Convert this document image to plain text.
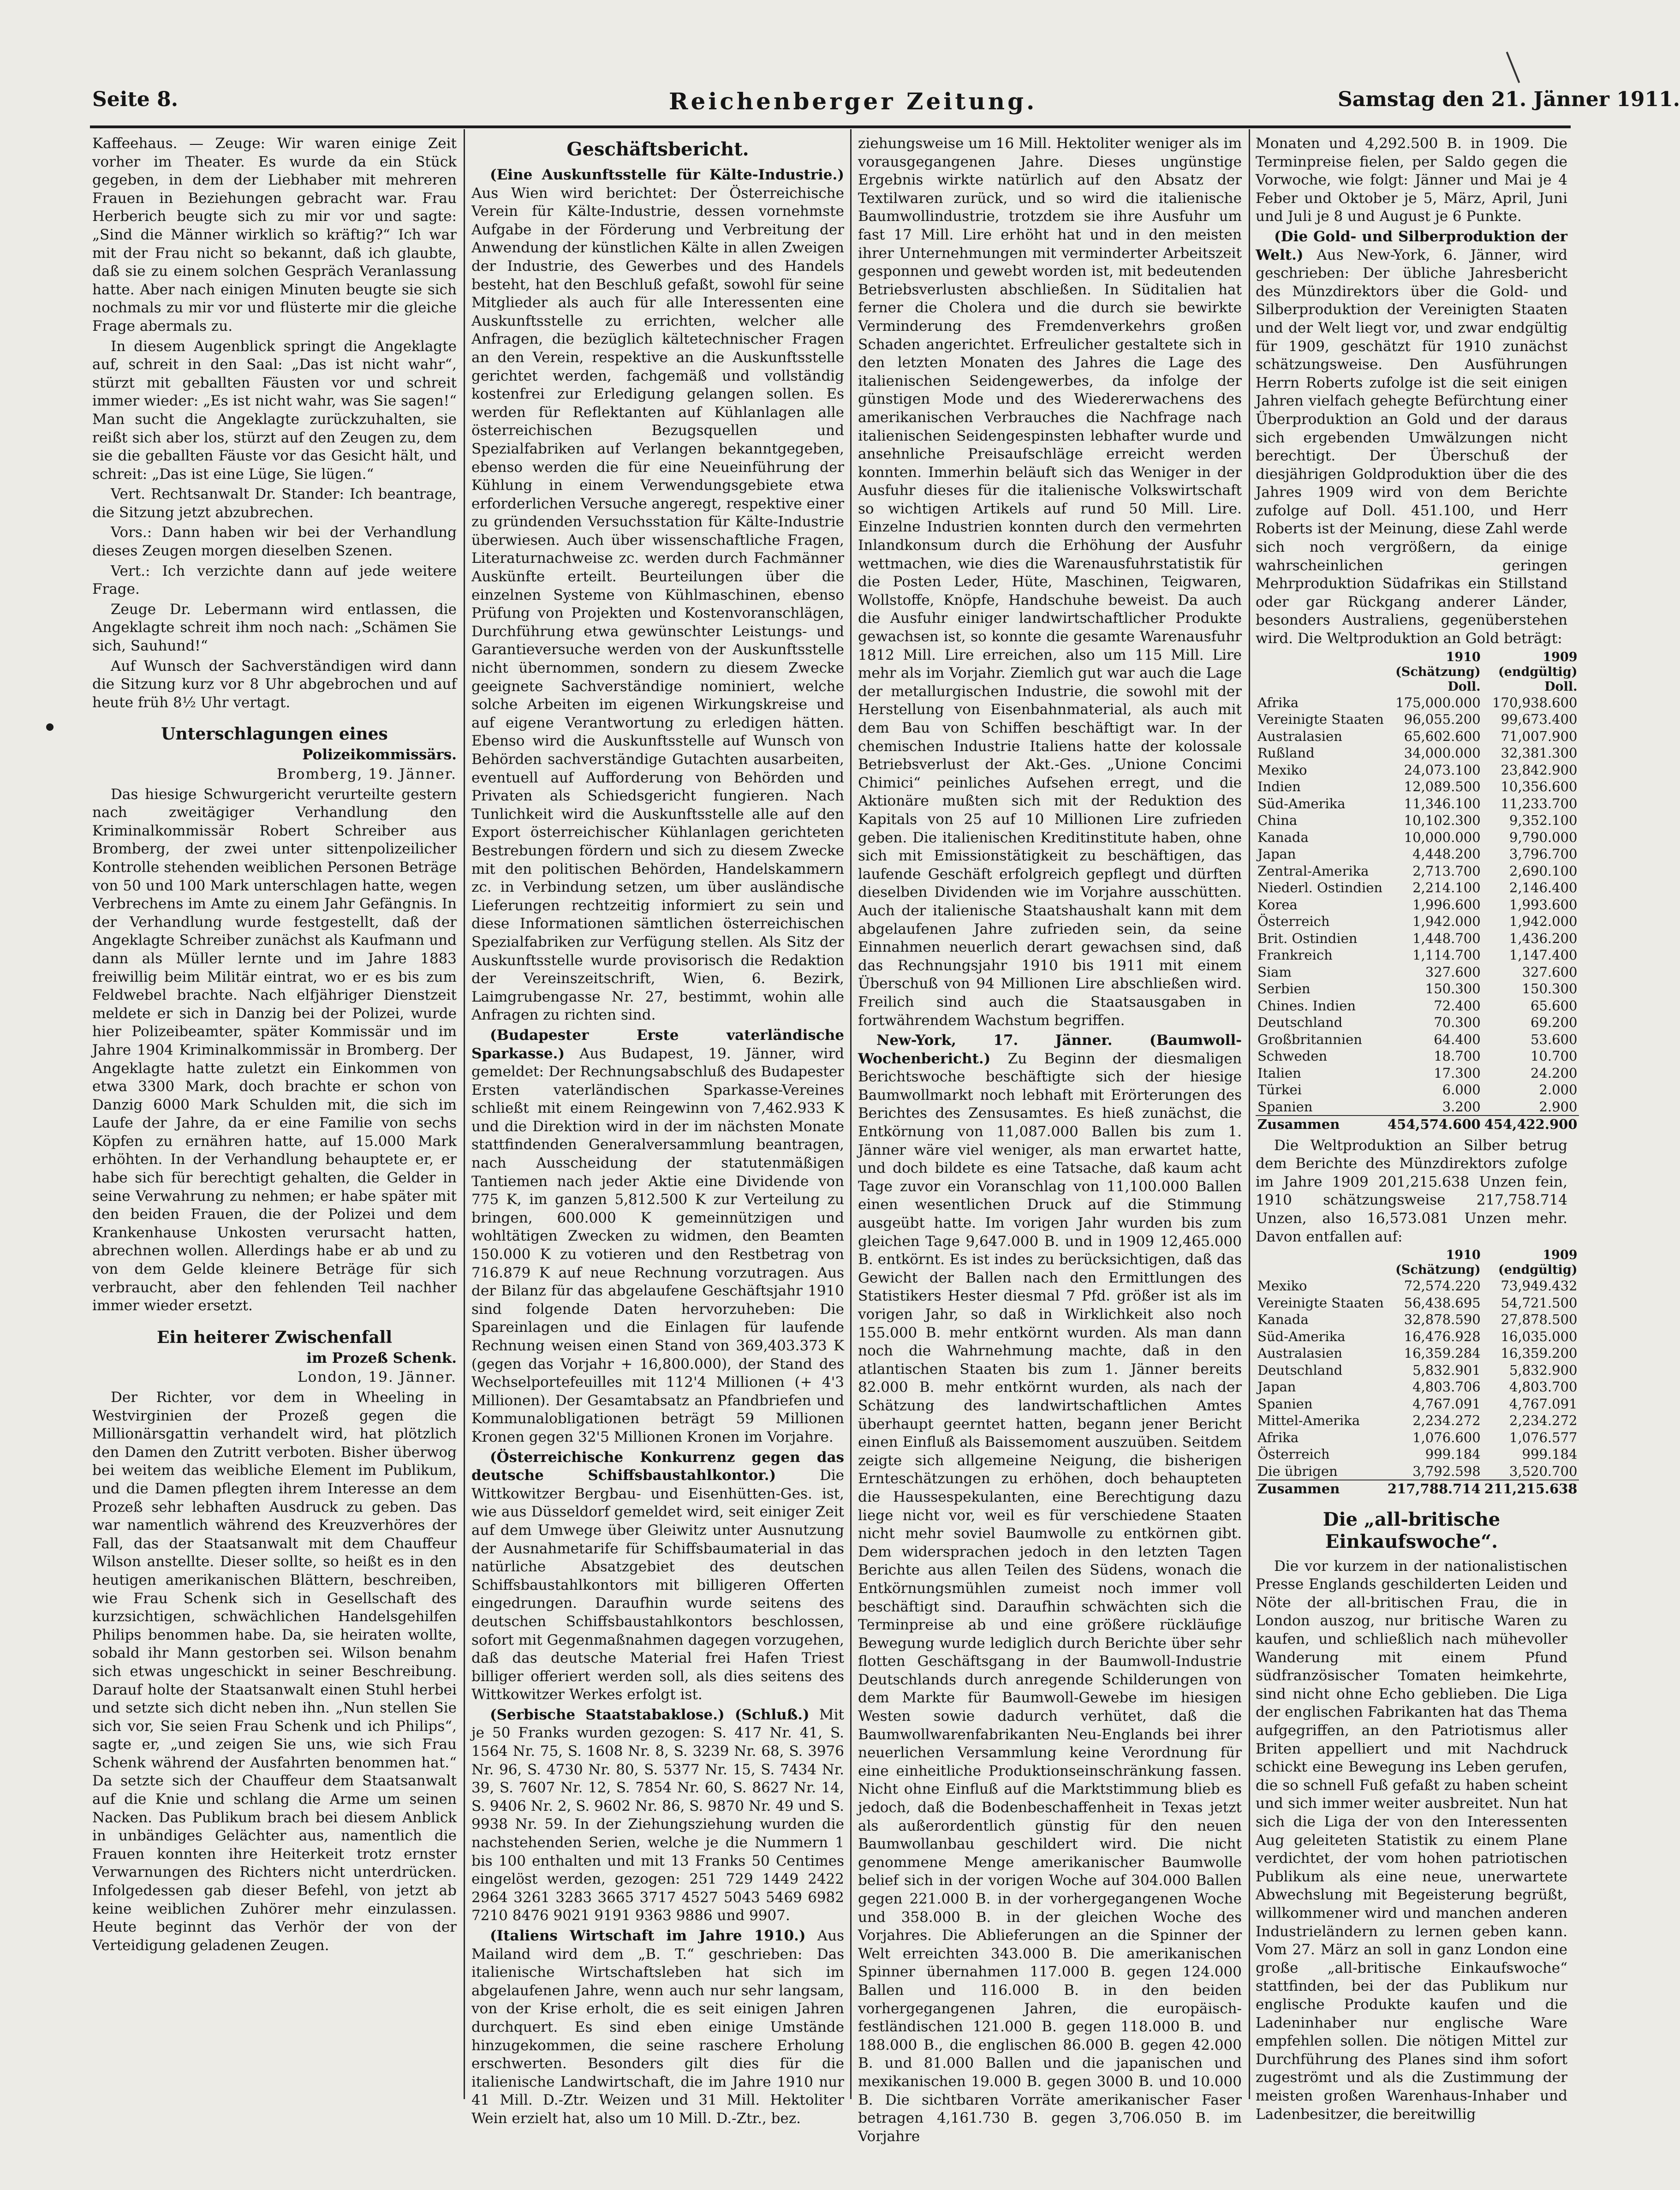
Seite 8.	Reichenberger Zeitung.	Samstag den 21. Jänner 1911.

Kaffeehaus. — Zeuge: Wir waren einige Zeit vorher im Theater. Es wurde da ein Stück gegeben, in dem der Liebhaber mit mehreren Frauen in Beziehungen gebracht war. Frau Herberich beugte sich zu mir vor und sagte: „Sind die Männer wirklich so kräftig?“ Ich war mit der Frau nicht so bekannt, daß ich glaubte, daß sie zu einem solchen Gespräch Veranlassung hatte. Aber nach einigen Minuten beugte sie sich nochmals zu mir vor und flüsterte mir die gleiche Frage abermals zu.

In diesem Augenblick springt die Angeklagte auf, schreit in den Saal: „Das ist nicht wahr“, stürzt mit geballten Fäusten vor und schreit immer wieder: „Es ist nicht wahr, was Sie sagen!“ Man sucht die Angeklagte zurückzuhalten, sie reißt sich aber los, stürzt auf den Zeugen zu, dem sie die geballten Fäuste vor das Gesicht hält, und schreit: „Das ist eine Lüge, Sie lügen.“

Vert. Rechtsanwalt Dr. Stander: Ich beantrage, die Sitzung jetzt abzubrechen.

Vors.: Dann haben wir bei der Verhandlung dieses Zeugen morgen dieselben Szenen.

Vert.: Ich verzichte dann auf jede weitere Frage.

Zeuge Dr. Lebermann wird entlassen, die Angeklagte schreit ihm noch nach: „Schämen Sie sich, Sauhund!“

Auf Wunsch der Sachverständigen wird dann die Sitzung kurz vor 8 Uhr abgebrochen und auf heute früh 8½ Uhr vertagt.

Unterschlagungen eines
Polizeikommissärs.
Bromberg, 19. Jänner.

Das hiesige Schwurgericht verurteilte gestern nach zweitägiger Verhandlung den Kriminalkommissär Robert Schreiber aus Bromberg, der zwei unter sittenpolizeilicher Kontrolle stehenden weiblichen Personen Beträge von 50 und 100 Mark unterschlagen hatte, wegen Verbrechens im Amte zu einem Jahr Gefängnis. In der Verhandlung wurde festgestellt, daß der Angeklagte Schreiber zunächst als Kaufmann und dann als Müller lernte und im Jahre 1883 freiwillig beim Militär eintrat, wo er es bis zum Feldwebel brachte. Nach elfjähriger Dienstzeit meldete er sich in Danzig bei der Polizei, wurde hier Polizeibeamter, später Kommissär und im Jahre 1904 Kriminalkommissär in Bromberg. Der Angeklagte hatte zuletzt ein Einkommen von etwa 3300 Mark, doch brachte er schon von Danzig 6000 Mark Schulden mit, die sich im Laufe der Jahre, da er eine Familie von sechs Köpfen zu ernähren hatte, auf 15.000 Mark erhöhten. In der Verhandlung behauptete er, er habe sich für berechtigt gehalten, die Gelder in seine Verwahrung zu nehmen; er habe später mit den beiden Frauen, die der Polizei und dem Krankenhause Unkosten verursacht hatten, abrechnen wollen. Allerdings habe er ab und zu von dem Gelde kleinere Beträge für sich verbraucht, aber den fehlenden Teil nachher immer wieder ersetzt.

Ein heiterer Zwischenfall
im Prozeß Schenk.
London, 19. Jänner.

Der Richter, vor dem in Wheeling in Westvirginien der Prozeß gegen die Millionärsgattin verhandelt wird, hat plötzlich den Damen den Zutritt verboten. Bisher überwog bei weitem das weibliche Element im Publikum, und die Damen pflegten ihrem Interesse an dem Prozeß sehr lebhaften Ausdruck zu geben. Das war namentlich während des Kreuzverhöres der Fall, das der Staatsanwalt mit dem Chauffeur Wilson anstellte. Dieser sollte, so heißt es in den heutigen amerikanischen Blättern, beschreiben, wie Frau Schenk sich in Gesellschaft des kurzsichtigen, schwächlichen Handelsgehilfen Philips benommen habe. Da, sie heiraten wollte, sobald ihr Mann gestorben sei. Wilson benahm sich etwas ungeschickt in seiner Beschreibung. Darauf holte der Staatsanwalt einen Stuhl herbei und setzte sich dicht neben ihn. „Nun stellen Sie sich vor, Sie seien Frau Schenk und ich Philips“, sagte er, „und zeigen Sie uns, wie sich Frau Schenk während der Ausfahrten benommen hat.“ Da setzte sich der Chauffeur dem Staatsanwalt auf die Knie und schlang die Arme um seinen Nacken. Das Publikum brach bei diesem Anblick in unbändiges Gelächter aus, namentlich die Frauen konnten ihre Heiterkeit trotz ernster Verwarnungen des Richters nicht unterdrücken. Infolgedessen gab dieser Befehl, von jetzt ab keine weiblichen Zuhörer mehr einzulassen. Heute beginnt das Verhör der von der Verteidigung geladenen Zeugen.

Geschäftsbericht.

(Eine Auskunftsstelle für Kälte-Industrie.) Aus Wien wird berichtet: Der Österreichische Verein für Kälte-Industrie, dessen vornehmste Aufgabe in der Förderung und Verbreitung der Anwendung der künstlichen Kälte in allen Zweigen der Industrie, des Gewerbes und des Handels besteht, hat den Beschluß gefaßt, sowohl für seine Mitglieder als auch für alle Interessenten eine Auskunftsstelle zu errichten, welcher alle Anfragen, die bezüglich kältetechnischer Fragen an den Verein, respektive an die Auskunftsstelle gerichtet werden, fachgemäß und vollständig kostenfrei zur Erledigung gelangen sollen. Es werden für Reflektanten auf Kühlanlagen alle österreichischen Bezugsquellen und Spezialfabriken auf Verlangen bekanntgegeben, ebenso werden die für eine Neueinführung der Kühlung in einem Verwendungsgebiete etwa erforderlichen Versuche angeregt, respektive einer zu gründenden Versuchsstation für Kälte-Industrie überwiesen. Auch über wissenschaftliche Fragen, Literaturnachweise zc. werden durch Fachmänner Auskünfte erteilt. Beurteilungen über die einzelnen Systeme von Kühlmaschinen, ebenso Prüfung von Projekten und Kostenvoranschlägen, Durchführung etwa gewünschter Leistungs- und Garantieversuche werden von der Auskunftsstelle nicht übernommen, sondern zu diesem Zwecke geeignete Sachverständige nominiert, welche solche Arbeiten im eigenen Wirkungskreise und auf eigene Verantwortung zu erledigen hätten. Ebenso wird die Auskunftsstelle auf Wunsch von Behörden sachverständige Gutachten ausarbeiten, eventuell auf Aufforderung von Behörden und Privaten als Schiedsgericht fungieren. Nach Tunlichkeit wird die Auskunftsstelle alle auf den Export österreichischer Kühlanlagen gerichteten Bestrebungen fördern und sich zu diesem Zwecke mit den politischen Behörden, Handelskammern zc. in Verbindung setzen, um über ausländische Lieferungen rechtzeitig informiert zu sein und diese Informationen sämtlichen österreichischen Spezialfabriken zur Verfügung stellen. Als Sitz der Auskunftsstelle wurde provisorisch die Redaktion der Vereinszeitschrift, Wien, 6. Bezirk, Laimgrubengasse Nr. 27, bestimmt, wohin alle Anfragen zu richten sind.

(Budapester Erste vaterländische Sparkasse.) Aus Budapest, 19. Jänner, wird gemeldet: Der Rechnungsabschluß des Budapester Ersten vaterländischen Sparkasse-Vereines schließt mit einem Reingewinn von 7,462.933 K und die Direktion wird in der im nächsten Monate stattfindenden Generalversammlung beantragen, nach Ausscheidung der statutenmäßigen Tantiemen nach jeder Aktie eine Dividende von 775 K, im ganzen 5,812.500 K zur Verteilung zu bringen, 600.000 K gemeinnützigen und wohltätigen Zwecken zu widmen, den Beamten 150.000 K zu votieren und den Restbetrag von 716.879 K auf neue Rechnung vorzutragen. Aus der Bilanz für das abgelaufene Geschäftsjahr 1910 sind folgende Daten hervorzuheben: Die Spareinlagen und die Einlagen für laufende Rechnung weisen einen Stand von 369,403.373 K (gegen das Vorjahr + 16,800.000), der Stand des Wechselportefeuilles mit 112'4 Millionen (+ 4'3 Millionen). Der Gesamtabsatz an Pfandbriefen und Kommunalobligationen beträgt 59 Millionen Kronen gegen 32'5 Millionen Kronen im Vorjahre.

(Österreichische Konkurrenz gegen das deutsche Schiffsbaustahlkontor.)	Die Wittkowitzer Bergbau- und Eisenhütten-Ges. ist, wie aus Düsseldorf gemeldet wird, seit einiger Zeit auf dem Umwege über Gleiwitz unter Ausnutzung der Ausnahmetarife für Schiffsbaumaterial in das natürliche Absatzgebiet des deutschen Schiffsbaustahlkontors mit billigeren Offerten eingedrungen. Daraufhin wurde seitens des deutschen Schiffsbaustahlkontors beschlossen, sofort mit Gegenmaßnahmen dagegen vorzugehen, daß das deutsche Material frei Hafen Triest billiger offeriert werden soll, als dies seitens des Wittkowitzer Werkes erfolgt ist.

(Serbische Staatstabaklose.) (Schluß.) Mit je 50 Franks wurden gezogen: S. 417 Nr. 41, S. 1564 Nr. 75, S. 1608 Nr. 8, S. 3239 Nr. 68, S. 3976 Nr. 96, S. 4730 Nr. 80, S. 5377 Nr. 15, S. 7434 Nr. 39, S. 7607 Nr. 12, S. 7854 Nr. 60, S. 8627 Nr. 14, S. 9406 Nr. 2, S. 9602 Nr. 86, S. 9870 Nr. 49 und S. 9938 Nr. 59. In der Ziehungsziehung wurden die nachstehenden Serien, welche je die Nummern 1 bis 100 enthalten und mit 13 Franks 50 Centimes eingelöst werden, gezogen: 251 729 1449 2422 2964 3261 3283 3665 3717 4527 5043 5469 6982 7210 8476 9021 9191 9363 9886 und 9907.

(Italiens Wirtschaft im Jahre 1910.) Aus Mailand wird dem „B. T.“ geschrieben: Das italienische Wirtschaftsleben hat sich im abgelaufenen Jahre, wenn auch nur sehr langsam, von der Krise erholt, die es seit einigen Jahren durchquert. Es sind eben einige Umstände hinzugekommen, die seine raschere Erholung erschwerten. Besonders gilt dies für die italienische Landwirtschaft, die im Jahre 1910 nur 41 Mill. D.-Ztr. Weizen und 31 Mill. Hektoliter Wein erzielt hat, also um 10 Mill. D.-Ztr., bez.

ziehungsweise um 16 Mill. Hektoliter weniger als im vorausgegangenen Jahre. Dieses ungünstige Ergebnis wirkte natürlich auf den Absatz der Textilwaren zurück, und so wird die italienische Baumwollindustrie, trotzdem sie ihre Ausfuhr um fast 17 Mill. Lire erhöht hat und in den meisten ihrer Unternehmungen mit verminderter Arbeitszeit gesponnen und gewebt worden ist, mit bedeutenden Betriebsverlusten abschließen. In Süditalien hat ferner die Cholera und die durch sie bewirkte Verminderung des Fremdenverkehrs großen Schaden angerichtet. Erfreulicher gestaltete sich in den letzten Monaten des Jahres die Lage des italienischen Seidengewerbes, da infolge der günstigen Mode und des Wiedererwachens des amerikanischen Verbrauches die Nachfrage nach italienischen Seidengespinsten lebhafter wurde und ansehnliche Preisaufschläge erreicht werden konnten. Immerhin beläuft sich das Weniger in der Ausfuhr dieses für die italienische Volkswirtschaft so wichtigen Artikels auf rund 50 Mill. Lire. Einzelne Industrien konnten durch den vermehrten Inlandkonsum durch die Erhöhung der Ausfuhr wettmachen, wie dies die Warenausfuhrstatistik für die Posten Leder, Hüte, Maschinen, Teigwaren, Wollstoffe, Knöpfe, Handschuhe beweist. Da auch die Ausfuhr einiger landwirtschaftlicher Produkte gewachsen ist, so konnte die gesamte Warenausfuhr 1812 Mill. Lire erreichen, also um 115 Mill. Lire mehr als im Vorjahr. Ziemlich gut war auch die Lage der metallurgischen Industrie, die sowohl mit der Herstellung von Eisenbahnmaterial, als auch mit dem Bau von Schiffen beschäftigt war. In der chemischen Industrie Italiens hatte der kolossale Betriebsverlust der Akt.-Ges. „Unione Concimi Chimici“ peinliches Aufsehen erregt, und die Aktionäre mußten sich mit der Reduktion des Kapitals von 25 auf 10 Millionen Lire zufrieden geben. Die italienischen Kreditinstitute haben, ohne sich mit Emissionstätigkeit zu beschäftigen, das laufende Geschäft erfolgreich gepflegt und dürften dieselben Dividenden wie im Vorjahre ausschütten. Auch der italienische Staatshaushalt kann mit dem abgelaufenen Jahre zufrieden sein, da seine Einnahmen neuerlich derart gewachsen sind, daß das Rechnungsjahr 1910 bis 1911 mit einem Überschuß von 94 Millionen Lire abschließen wird. Freilich sind auch die Staatsausgaben in fortwährendem Wachstum begriffen.

New-York, 17. Jänner. (Baumwoll-Wochenbericht.) Zu Beginn der diesmaligen Berichtswoche beschäftigte sich der hiesige Baumwollmarkt noch lebhaft mit Erörterungen des Berichtes des Zensusamtes. Es hieß zunächst, die Entkörnung von 11,087.000 Ballen bis zum 1. Jänner wäre viel weniger, als man erwartet hatte, und doch bildete es eine Tatsache, daß kaum acht Tage zuvor ein Voranschlag von 11,100.000 Ballen einen wesentlichen Druck auf die Stimmung ausgeübt hatte. Im vorigen Jahr wurden bis zum gleichen Tage 9,647.000 B. und in 1909 12,465.000 B. entkörnt. Es ist indes zu berücksichtigen, daß das Gewicht der Ballen nach den Ermittlungen des Statistikers Hester diesmal 7 Pfd. größer ist als im vorigen Jahr, so daß in Wirklichkeit also noch 155.000 B. mehr entkörnt wurden. Als man dann noch die Wahrnehmung machte, daß in den atlantischen Staaten bis zum 1. Jänner bereits 82.000 B. mehr entkörnt wurden, als nach der Schätzung des landwirtschaftlichen Amtes überhaupt geerntet hatten, begann jener Bericht einen Einfluß als Baissemoment auszuüben. Seitdem zeigte sich allgemeine Neigung, die bisherigen Ernteschätzungen zu erhöhen, doch behaupteten die Haussespekulanten, eine Berechtigung dazu liege nicht vor, weil es für verschiedene Staaten nicht mehr soviel Baumwolle zu entkörnen gibt. Dem widersprachen jedoch in den letzten Tagen Berichte aus allen Teilen des Südens, wonach die Entkörnungsmühlen zumeist noch immer voll beschäftigt sind. Daraufhin schwächten sich die Terminpreise ab und eine größere rückläufige Bewegung wurde lediglich durch Berichte über sehr flotten Geschäftsgang in der Baumwoll-Industrie Deutschlands durch anregende Schilderungen von dem Markte für Baumwoll-Gewebe im hiesigen Westen sowie dadurch verhütet, daß die Baumwollwarenfabrikanten Neu-Englands bei ihrer neuerlichen Versammlung keine Verordnung für eine einheitliche Produktionseinschränkung fassen. Nicht ohne Einfluß auf die Marktstimmung blieb es jedoch, daß die Bodenbeschaffenheit in Texas jetzt als außerordentlich günstig für den neuen Baumwollanbau geschildert wird. Die nicht genommene Menge amerikanischer Baumwolle belief sich in der vorigen Woche auf 304.000 Ballen gegen 221.000 B. in der vorhergegangenen Woche und 358.000 B. in der gleichen Woche des Vorjahres. Die Ablieferungen an die Spinner der Welt erreichten 343.000 B. Die amerikanischen Spinner übernahmen 117.000 B. gegen 124.000 Ballen und 116.000 B. in den beiden vorhergegangenen Jahren, die europäisch-festländischen 121.000 B. gegen 118.000 B. und 188.000 B., die englischen 86.000 B. gegen 42.000 B. und 81.000 Ballen und die japanischen und mexikanischen 19.000 B. gegen 3000 B. und 10.000 B. Die sichtbaren Vorräte amerikanischer Faser betragen 4,161.730 B. gegen 3,706.050 B. im Vorjahre

Monaten und 4,292.500 B. in 1909. Die Terminpreise fielen, per Saldo gegen die Vorwoche, wie folgt: Jänner und Mai je 4 Feber und Oktober je 5, März, April, Juni und Juli je 8 und August je 6 Punkte.

(Die Gold- und Silberproduktion der Welt.) Aus New-York, 6. Jänner, wird geschrieben: Der übliche Jahresbericht des Münzdirektors über die Gold- und Silberproduktion der Vereinigten Staaten und der Welt liegt vor, und zwar endgültig für 1909, geschätzt für 1910 zunächst schätzungsweise. Den Ausführungen Herrn Roberts zufolge ist die seit einigen Jahren vielfach gehegte Befürchtung einer Überproduktion an Gold und der daraus sich ergebenden Umwälzungen nicht berechtigt. Der Überschuß der diesjährigen Goldproduktion über die des Jahres 1909 wird von dem Berichte zufolge auf Doll. 451.100, und Herr Roberts ist der Meinung, diese Zahl werde sich noch vergrößern, da einige wahrscheinlichen geringen Mehrproduktion Südafrikas ein Stillstand oder gar Rückgang anderer Länder, besonders Australiens, gegenüberstehen wird. Die Weltproduktion an Gold beträgt:

	1910	1909
	(Schätzung)	(endgültig)
	Doll.	Doll.
Afrika	175,000.000	170,938.600
Vereinigte Staaten	96,055.200	99,673.400
Australasien	65,602.600	71,007.900
Rußland	34,000.000	32,381.300
Mexiko	24,073.100	23,842.900
Indien	12,089.500	10,356.600
Süd-Amerika	11,346.100	11,233.700
China	10,102.300	9,352.100
Kanada	10,000.000	9,790.000
Japan	4,448.200	3,796.700
Zentral-Amerika	2,713.700	2,690.100
Niederl. Ostindien	2,214.100	2,146.400
Korea	1,996.600	1,993.600
Österreich	1,942.000	1,942.000
Brit. Ostindien	1,448.700	1,436.200
Frankreich	1,114.700	1,147.400
Siam	327.600	327.600
Serbien	150.300	150.300
Chines. Indien	72.400	65.600
Deutschland	70.300	69.200
Großbritannien	64.400	53.600
Schweden	18.700	10.700
Italien	17.300	24.200
Türkei	6.000	2.000
Spanien	3.200	2.900
Zusammen	454,574.600	454,422.900

Die Weltproduktion an Silber betrug dem Berichte des Münzdirektors zufolge im Jahre 1909 201,215.638 Unzen fein, 1910 schätzungsweise 217,758.714 Unzen, also 16,573.081 Unzen mehr. Davon entfallen auf:

	1910	1909
	(Schätzung)	(endgültig)
Mexiko	72,574.220	73,949.432
Vereinigte Staaten	56,438.695	54,721.500
Kanada	32,878.590	27,878.500
Süd-Amerika	16,476.928	16,035.000
Australasien	16,359.284	16,359.200
Deutschland	5,832.901	5,832.900
Japan	4,803.706	4,803.700
Spanien	4,767.091	4,767.091
Mittel-Amerika	2,234.272	2,234.272
Afrika	1,076.600	1,076.577
Österreich	999.184	999.184
Die übrigen	3,792.598	3,520.700
Zusammen	217,788.714	211,215.638
Die „all-britische Einkaufswoche“.

Die vor kurzem in der nationalistischen Presse Englands geschilderten Leiden und Nöte der all-britischen Frau, die in London auszog, nur britische Waren zu kaufen, und schließlich nach mühevoller Wanderung mit einem Pfund südfranzösischer Tomaten heimkehrte, sind nicht ohne Echo geblieben. Die Liga der englischen Fabrikanten hat das Thema aufgegriffen, an den Patriotismus aller Briten appelliert und mit Nachdruck schickt eine Bewegung ins Leben gerufen, die so schnell Fuß gefaßt zu haben scheint und sich immer weiter ausbreitet. Nun hat sich die Liga der von den Interessenten Aug geleiteten Statistik zu einem Plane verdichtet, der vom hohen patriotischen Publikum als eine neue, unerwartete Abwechslung mit Begeisterung begrüßt, willkommener wird und manchen anderen Industrieländern zu lernen geben kann. Vom 27. März an soll in ganz London eine große „all-britische Einkaufswoche“ stattfinden, bei der das Publikum nur englische Produkte kaufen und die Ladeninhaber nur englische Ware empfehlen sollen. Die nötigen Mittel zur Durchführung des Planes sind ihm sofort zugeströmt und als die Zustimmung der meisten großen Warenhaus-Inhaber und Ladenbesitzer, die bereitwillig
